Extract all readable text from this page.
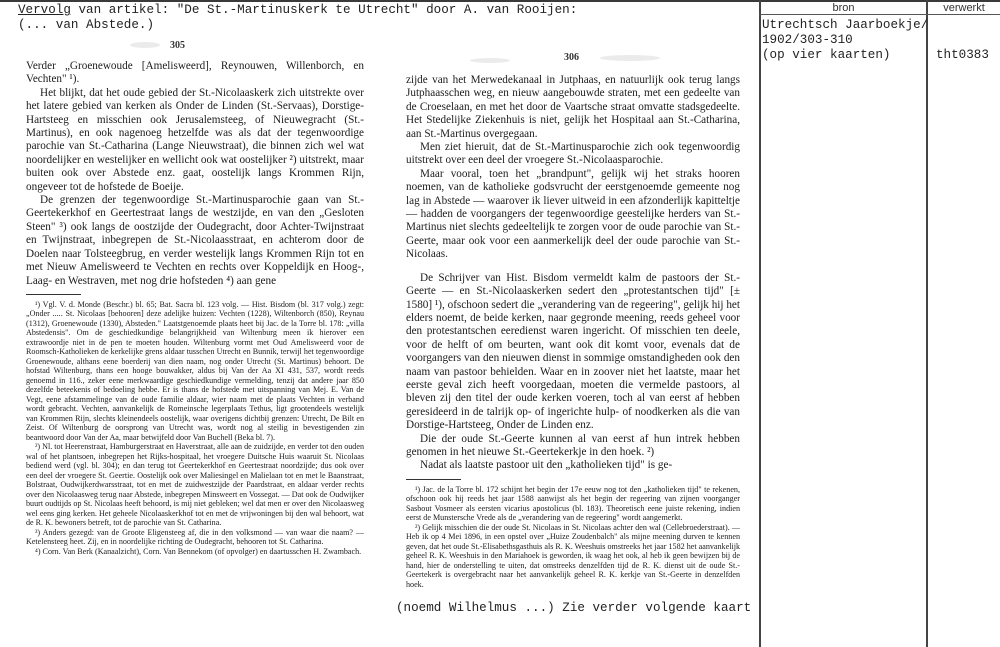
Vervolg van artikel: "De St.-Martinuskerk te Utrecht" door A. van Rooijen:
(... van Abstede.)
305

Verder „Groenewoude [Amelisweerd], Reynouwen, Willenborch, en Vechten" ¹).

Het blijkt, dat het oude gebied der St.-Nicolaaskerk zich uitstrekte over het latere gebied van kerken als Onder de Linden (St.-Servaas), Dorstige-Hartsteeg en misschien ook Jerusalemsteeg, of Nieuwegracht (St.-Martinus), en ook nagenoeg hetzelfde was als dat der tegenwoordige parochie van St.-Catharina (Lange Nieuwstraat), die binnen zich wel wat noordelijker en westelijker en wellicht ook wat oostelijker ²) uitstrekt, maar buiten ook over Abstede enz. gaat, oostelijk langs Krommen Rijn, ongeveer tot de hofstede de Boeije.

De grenzen der tegenwoordige St.-Martinusparochie gaan van St.-Geertekerkhof en Geertestraat langs de westzijde, en van den „Gesloten Steen" ³) ook langs de oostzijde der Oudegracht, door Achter-Twijnstraat en Twijnstraat, inbegrepen de St.-Nicolaasstraat, en achterom door de Doelen naar Tolsteegbrug, en verder westelijk langs Krommen Rijn tot en met Nieuw Amelisweerd te Vechten en rechts over Koppeldijk en Hoog-, Laag- en Westraven, met nog drie hofsteden ⁴) aan gene

¹) Vgl. V. d. Monde (Beschr.) bl. 65; Bat. Sacra bl. 123 volg. — Hist. Bisdom (bl. 317 volg.) zegt: „Onder ..... St. Nicolaas [behooren] deze adelijke huizen: Vechten (1228), Wiltenborch (850), Reynau (1312), Groenewoude (1330), Absteden." Laatstgenoemde plaats heet bij Jac. de la Torre bl. 178: „villa Abstedensis". Om de geschiedkundige belangrijkheid van Wiltenburg meen ik hierover een extrawoordje niet in de pen te moeten houden. Wiltenburg vormt met Oud Amelisweerd voor de Roomsch-Katholieken de kerkelijke grens aldaar tusschen Utrecht en Bunnik, terwijl het tegenwoordige Groenewoude, althans eene boerderij van dien naam, nog onder Utrecht (St. Martinus) behoort. De hofstad Wiltenburg, thans een hooge bouwakker, aldus bij Van der Aa XI 431, 537, wordt reeds genoemd in 116., zeker eene merkwaardige geschiedkundige vermelding, tenzij dat andere jaar 850 dezelfde beteekenis of bedoeling hebbe. Er is thans de hofstede met uitspanning van Mej. E. Van de Vegt, eene afstammelinge van de oude familie aldaar, wier naam met de plaats Vechten in verband wordt gebracht. Vechten, aanvankelijk de Romeinsche legerplaats Tethus, ligt grootendeels westelijk van Krommen Rijn, slechts kleinendeels oostelijk, waar overigens dichtbij grenzen: Utrecht, De Bilt en Zeist. Of Wiltenburg de oorsprong van Utrecht was, wordt nog al steilig in bevestigenden zin beantwoord door Van der Aa, maar betwijfeld door Van Buchell (Beka bl. 7).

²) Nl. tot Heerenstraat, Hamburgerstraat en Haverstraat, alle aan de zuidzijde, en verder tot den ouden wal of het plantsoen, inbegrepen het Rijks-hospitaal, het vroegere Duitsche Huis waaruit St. Nicolaas bediend werd (vgl. bl. 304); en dan terug tot Geertekerkhof en Geertestraat noordzijde; dus ook over een deel der vroegere St. Geertie. Oostelijk ook over Maliesingel en Malielaan tot en met le Baanstraat, Bolstraat, Oudwijkerdwarsstraat, tot en met de zuidwestzijde der Paardstraat, en aldaar verder rechts over den Nicolaasweg terug naar Abstede, inbegrepen Minsweert en Vossegat. — Dat ook de Oudwijker buurt oudtijds op St. Nicolaas heeft behoord, is mij niet gebleken; wel dat men er over den Nicolaasweg wel eens ging kerken. Het geheele Nicolaaskerkhof tot en met de vrijwoningen bij den wal behoort, wat de R. K. bewoners betreft, tot de parochie van St. Catharina.

³) Anders gezegd: van de Groote Eligensteeg af, die in den volksmond — van waar die naam? — Ketelensteeg heet. Zij, en in noordelijke richting de Oudegracht, behooren tot St. Catharina.

⁴) Corn. Van Berk (Kanaalzicht), Corn. Van Bennekom (of opvolger) en daartusschen H. Zwambach.

306

zijde van het Merwedekanaal in Jutphaas, en natuurlijk ook terug langs Jutphaasschen weg, en nieuw aangebouwde straten, met een gedeelte van de Croeselaan, en met het door de Vaartsche straat omvatte stadsgedeelte. Het Stedelijke Ziekenhuis is niet, gelijk het Hospitaal aan St.-Catharina, aan St.-Martinus overgegaan.

Men ziet hieruit, dat de St.-Martinusparochie zich ook tegenwoordig uitstrekt over een deel der vroegere St.-Nicolaasparochie.

Maar vooral, toen het „brandpunt", gelijk wij het straks hooren noemen, van de katholieke godsvrucht der eerstgenoemde gemeente nog lag in Abstede — waarover ik liever uitweid in een afzonderlijk kapitteltje — hadden de voorgangers der tegenwoordige geestelijke herders van St.-Martinus niet slechts gedeeltelijk te zorgen voor de oude parochie van St.-Geerte, maar ook voor een aanmerkelijk deel der oude parochie van St.-Nicolaas.

De Schrijver van Hist. Bisdom vermeldt kalm de pastoors der St.-Geerte — en St.-Nicolaaskerken sedert den „protestantschen tijd" [± 1580] ¹), ofschoon sedert die „verandering van de regeering", gelijk hij het elders noemt, de beide kerken, naar gegronde meening, reeds geheel voor den protestantschen eeredienst waren ingericht. Of misschien ten deele, voor de helft of om beurten, want ook dit komt voor, evenals dat de voorgangers van den nieuwen dienst in sommige omstandigheden ook den naam van pastoor behielden. Waar en in zoover niet het laatste, maar het eerste geval zich heeft voorgedaan, moeten die vermelde pastoors, al bleven zij den titel der oude kerken voeren, toch al van eerst af hebben geresideerd in de talrijk op- of ingerichte hulp- of noodkerken als die van Dorstige-Hartsteeg, Onder de Linden enz.

Die der oude St.-Geerte kunnen al van eerst af hun intrek hebben genomen in het nieuwe St.-Geertekerkje in den hoek. ²)

Nadat als laatste pastoor uit den „katholieken tijd" is ge-

¹) Jac. de la Torre bl. 172 schijnt het begin der 17e eeuw nog tot den „katholieken tijd" te rekenen, ofschoon ook hij reeds het jaar 1588 aanwijst als het begin der regeering van zijnen voorganger Sasbout Vosmeer als eersten vicarius apostolicus (bl. 183). Theoretisch eene juiste rekening, indien eerst de Munstersche Vrede als de „verandering van de regeering" wordt aangemerkt.

²) Gelijk misschien die der oude St. Nicolaas in St. Nicolaas achter den wal (Cellebroederstraat). — Heb ik op 4 Mei 1896, in een opstel over „Huize Zoudenbalch" als mijne meening durven te kennen geven, dat het oude St.-Elisabethsgasthuis als R. K. Weeshuis omstreeks het jaar 1582 het aanvankelijk geheel R. K. Weeshuis in den Mariahoek is geworden, ik waag het ook, al heb ik geen bewijzen bij de hand, hier de onderstelling te uiten, dat omstreeks denzelfden tijd de R. K. dienst uit de oude St.-Geertekerk is overgebracht naar het aanvankelijk geheel R. K. kerkje van St.-Geerte in denzelfden hoek.

(noemd Wilhelmus ...) Zie verder volgende kaart
bron	verwerkt
Utrechtsch Jaarboekje/
1902/303-310
(op vier kaarten)	tht0383
